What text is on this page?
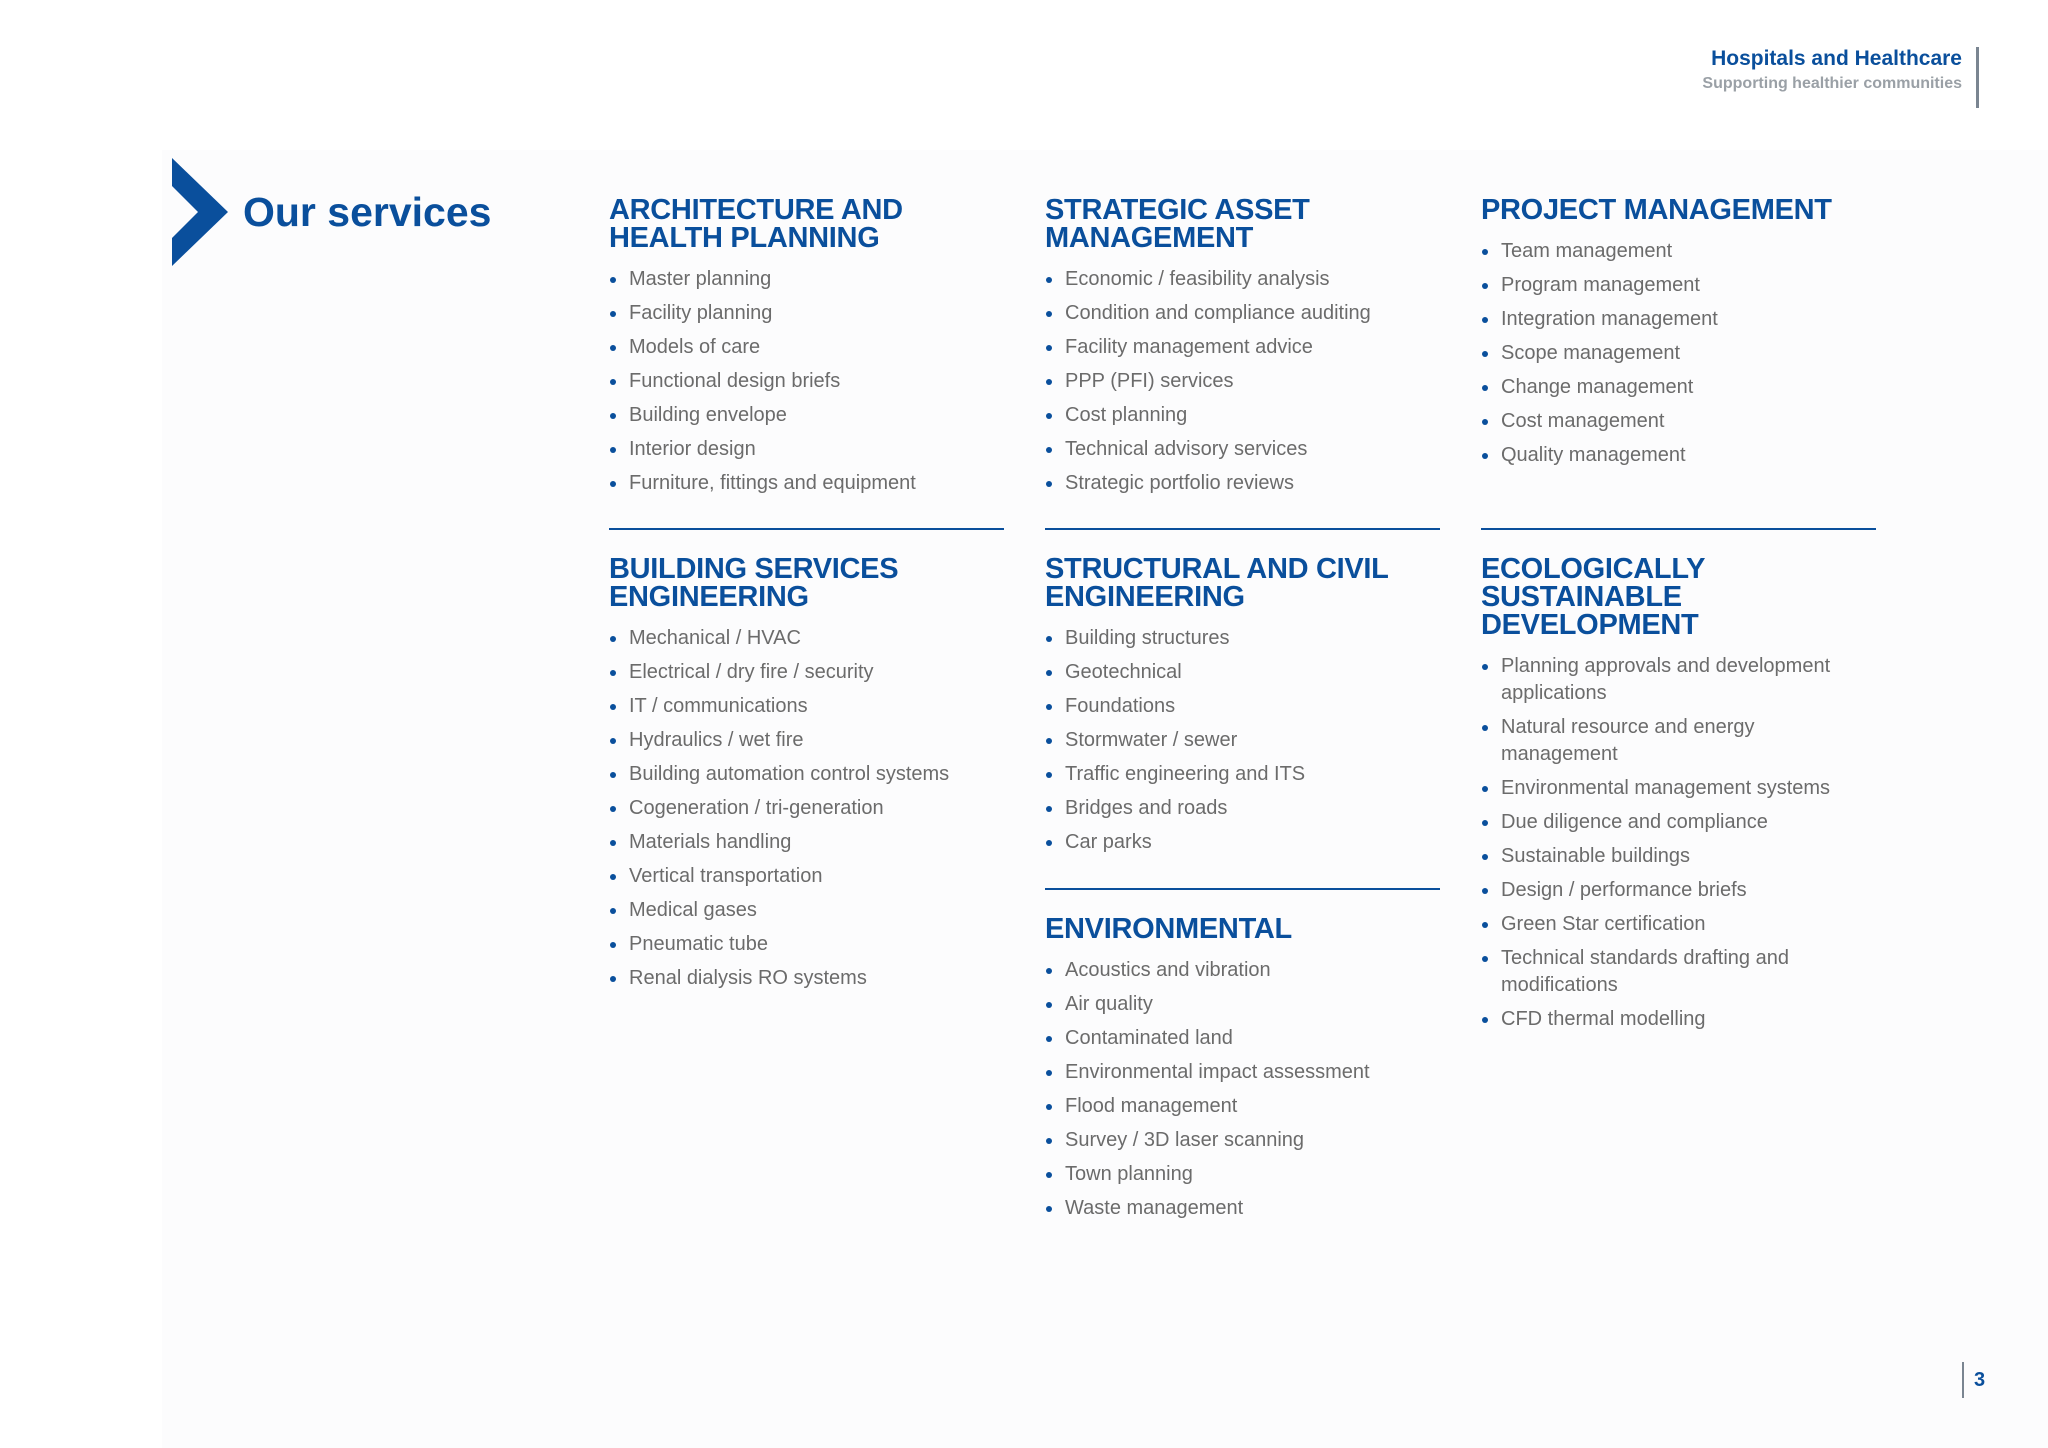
Hospitals and Healthcare
Supporting healthier communities
Our services	ARCHITECTURE AND HEALTH PLANNING
Master planning
Facility planning
Models of care
Functional design briefs
Building envelope
Interior design
Furniture, fittings and equipment
STRATEGIC ASSET MANAGEMENT
Economic / feasibility analysis
Condition and compliance auditing
Facility management advice
PPP (PFI) services
Cost planning
Technical advisory services
Strategic portfolio reviews
PROJECT MANAGEMENT
Team management
Program management
Integration management
Scope management
Change management
Cost management
Quality management
BUILDING SERVICES ENGINEERING
Mechanical / HVAC
Electrical / dry fire / security
IT / communications
Hydraulics / wet fire
Building automation control systems
Cogeneration / tri-generation
Materials handling
Vertical transportation
Medical gases
Pneumatic tube
Renal dialysis RO systems
STRUCTURAL AND CIVIL ENGINEERING
Building structures
Geotechnical
Foundations
Stormwater / sewer
Traffic engineering and ITS
Bridges and roads
Car parks
ECOLOGICALLY SUSTAINABLE DEVELOPMENT
Planning approvals and development applications
Natural resource and energy management
Environmental management systems
Due diligence and compliance
Sustainable buildings
Design / performance briefs
Green Star certification
Technical standards drafting and modifications
CFD thermal modelling
ENVIRONMENTAL
Acoustics and vibration
Air quality
Contaminated land
Environmental impact assessment
Flood management
Survey / 3D laser scanning
Town planning
Waste management
3
